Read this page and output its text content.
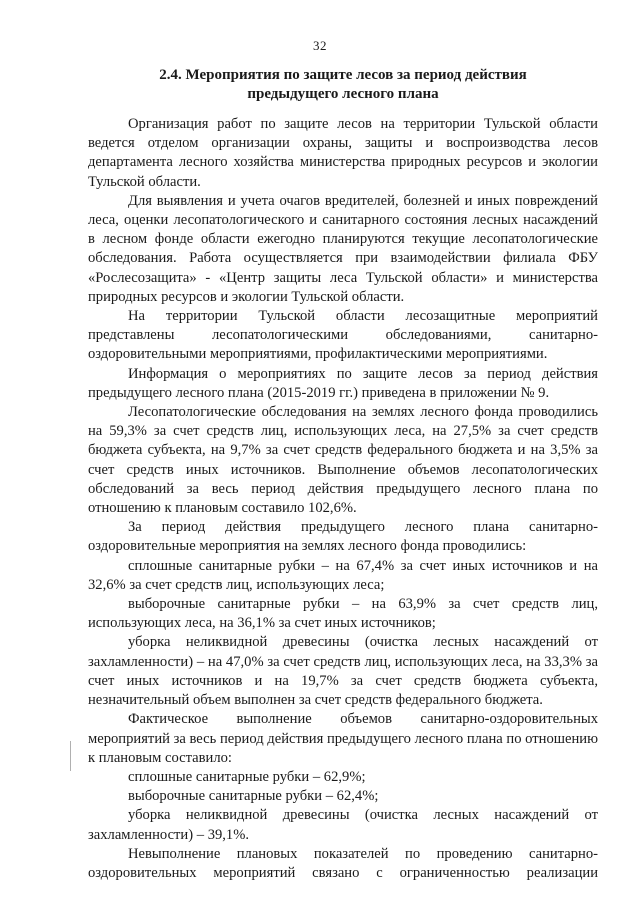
32
2.4. Мероприятия по защите лесов за период действия
предыдущего лесного плана

Организация работ по защите лесов на территории Тульской области ведется отделом организации охраны, защиты и воспроизводства лесов департамента лесного хозяйства министерства природных ресурсов и экологии Тульской области.

Для выявления и учета очагов вредителей, болезней и иных повреждений леса, оценки лесопатологического и санитарного состояния лесных насаждений в лесном фонде области ежегодно планируются текущие лесопатологические обследования. Работа осуществляется при взаимодействии филиала ФБУ «Рослесозащита» - «Центр защиты леса Тульской области» и министерства природных ресурсов и экологии Тульской области.

На территории Тульской области лесозащитные мероприятий представлены лесопатологическими обследованиями, санитарно-оздоровительными мероприятиями, профилактическими мероприятиями.

Информация о мероприятиях по защите лесов за период действия предыдущего лесного плана (2015-2019 гг.) приведена в приложении № 9.

Лесопатологические обследования на землях лесного фонда проводились на 59,3% за счет средств лиц, использующих леса, на 27,5% за счет средств бюджета субъекта, на 9,7% за счет средств федерального бюджета и на 3,5% за счет средств иных источников. Выполнение объемов лесопатологических обследований за весь период действия предыдущего лесного плана по отношению к плановым составило 102,6%.

За период действия предыдущего лесного плана санитарно-оздоровительные мероприятия на землях лесного фонда проводились:

сплошные санитарные рубки – на 67,4% за счет иных источников и на 32,6% за счет средств лиц, использующих леса;

выборочные санитарные рубки – на 63,9% за счет средств лиц, использующих леса, на 36,1% за счет иных источников;

уборка неликвидной древесины (очистка лесных насаждений от захламленности) – на 47,0% за счет средств лиц, использующих леса, на 33,3% за счет иных источников и на 19,7% за счет средств бюджета субъекта, незначительный объем выполнен за счет средств федерального бюджета.

Фактическое выполнение объемов санитарно-оздоровительных мероприятий за весь период действия предыдущего лесного плана по отношению к плановым составило:

сплошные санитарные рубки – 62,9%;

выборочные санитарные рубки – 62,4%;

уборка неликвидной древесины (очистка лесных насаждений от захламленности) – 39,1%.

Невыполнение плановых показателей по проведению санитарно-оздоровительных мероприятий связано с ограниченностью реализации
